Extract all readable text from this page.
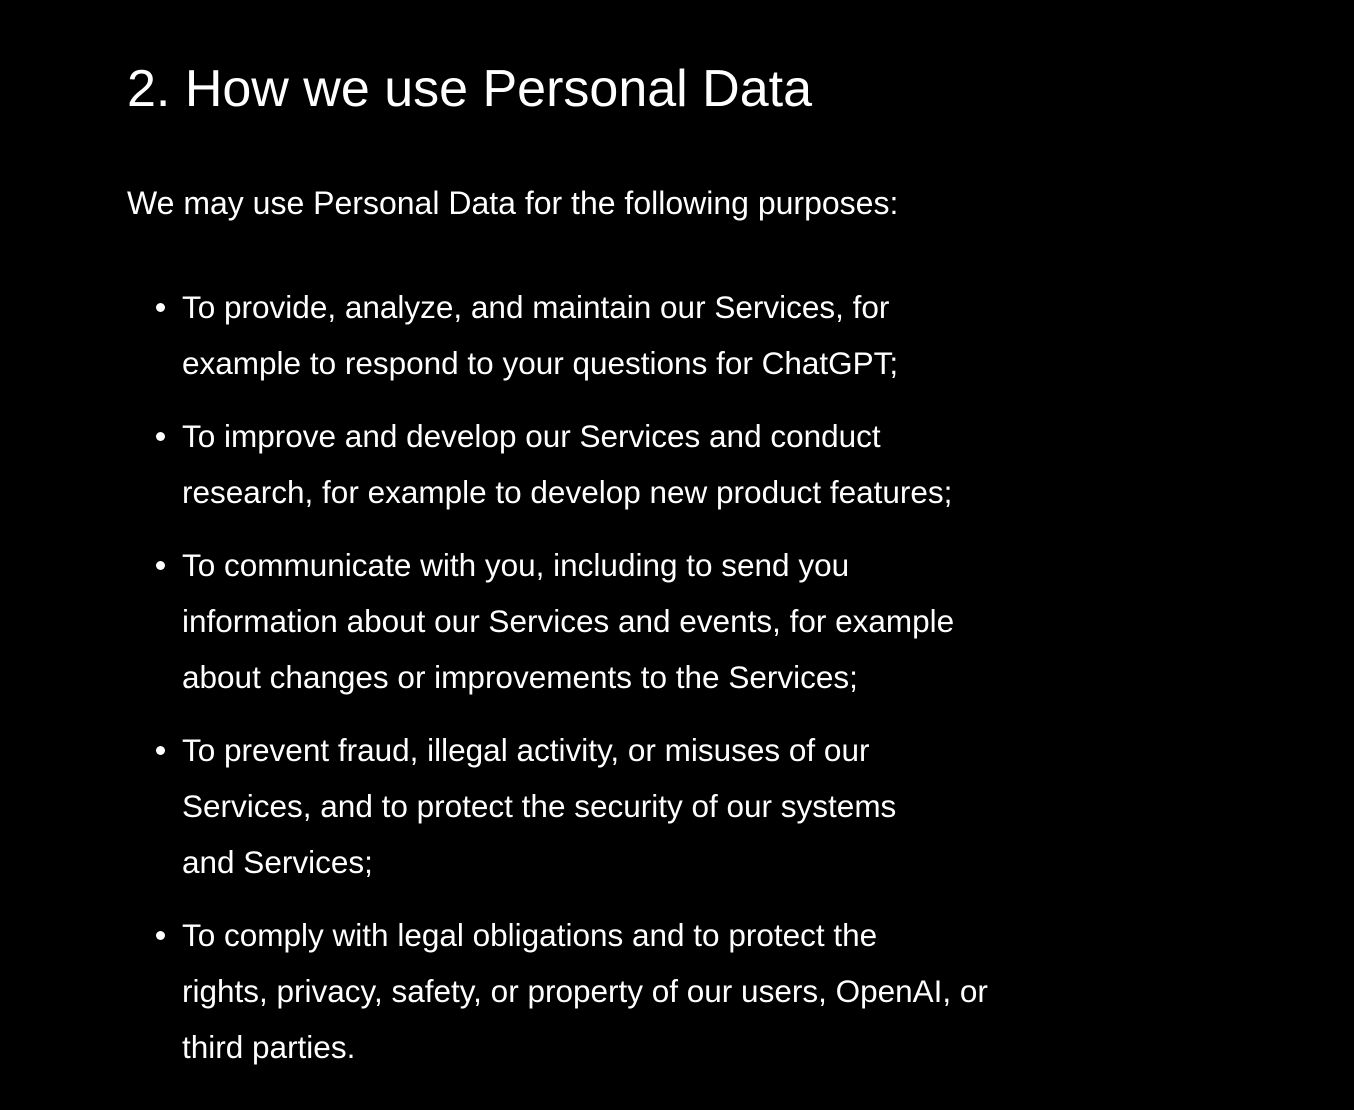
2. How we use Personal Data

We may use Personal Data for the following purposes:

To provide, analyze, and maintain our Services, for
example to respond to your questions for ChatGPT;
To improve and develop our Services and conduct
research, for example to develop new product features;
To communicate with you, including to send you
information about our Services and events, for example
about changes or improvements to the Services;
To prevent fraud, illegal activity, or misuses of our
Services, and to protect the security of our systems
and Services;
To comply with legal obligations and to protect the
rights, privacy, safety, or property of our users, OpenAI, or
third parties.
